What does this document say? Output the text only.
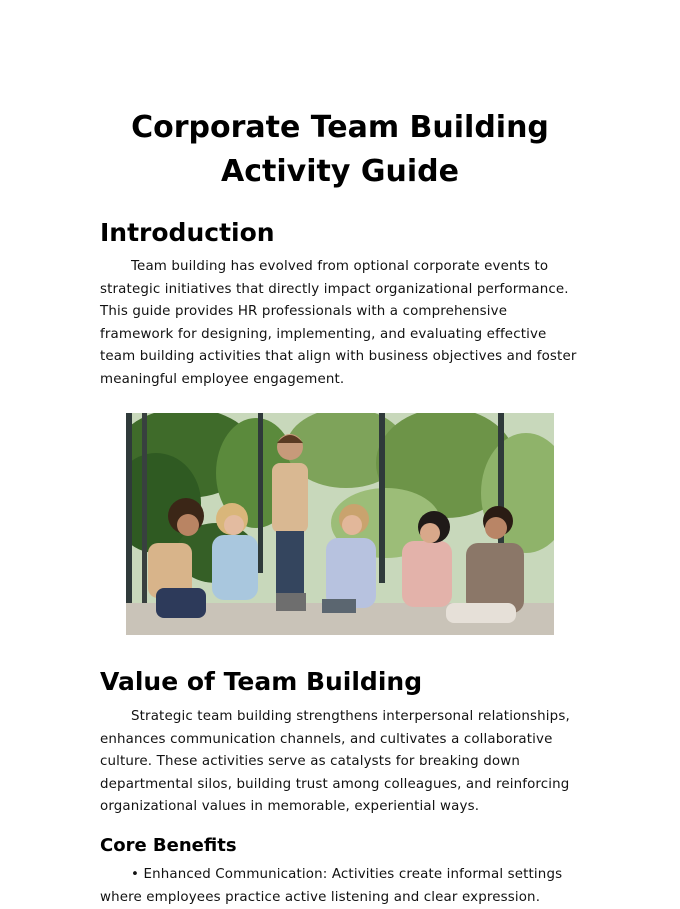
Corporate Team Building
Activity Guide
Introduction

Team building has evolved from optional corporate events to strategic initiatives that directly impact organizational performance. This guide provides HR professionals with a comprehensive framework for designing, implementing, and evaluating effective team building activities that align with business objectives and foster meaningful employee engagement.

Value of Team Building

Strategic team building strengthens interpersonal relationships, enhances communication channels, and cultivates a collaborative culture. These activities serve as catalysts for breaking down departmental silos, building trust among colleagues, and reinforcing organizational values in memorable, experiential ways.

Core Benefits
• Enhanced Communication: Activities create informal settings where employees practice active listening and clear expression.
